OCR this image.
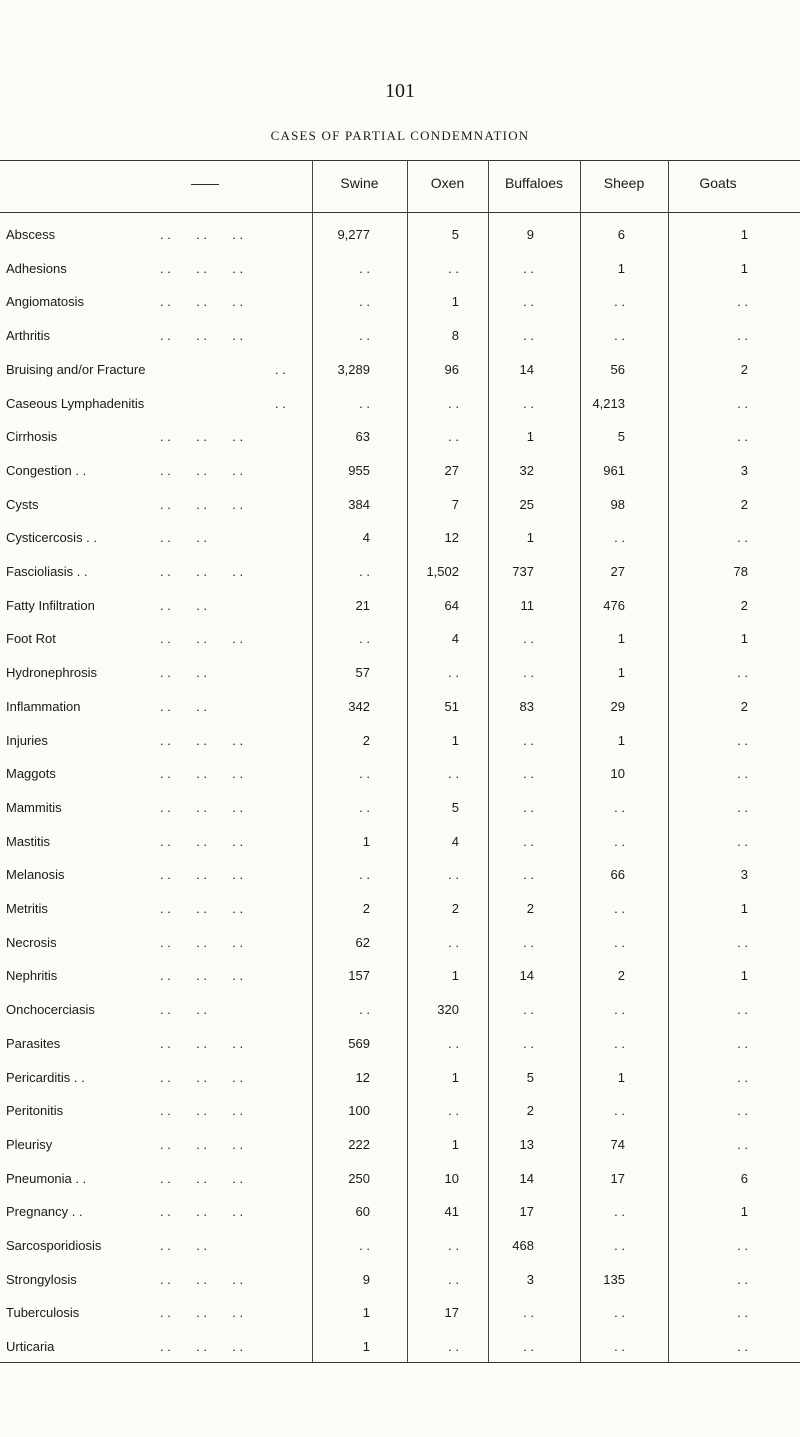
101
CASES OF PARTIAL CONDEMNATION
——	Swine	Oxen	Buffaloes	Sheep	Goats
Abscess	. .       . .       . .	9,277	5	9	6	1
Adhesions	. .       . .       . .	. .	. .	. .	1	1
Angiomatosis	. .       . .       . .	. .	1	. .	. .	. .
Arthritis	. .       . .       . .	. .	8	. .	. .	. .
Bruising and/or Fracture	. .	3,289	96	14	56	2
Caseous Lymphadenitis	. .	. .	. .	. .	4,213	. .
Cirrhosis	. .       . .       . .	63	. .	1	5	. .
Congestion . .	. .       . .       . .	955	27	32	961	3
Cysts	. .       . .       . .	384	7	25	98	2
Cysticercosis . .	. .       . .	4	12	1	. .	. .
Fascioliasis . .	. .       . .       . .	. .	1,502	737	27	78
Fatty Infiltration	. .       . .	21	64	11	476	2
Foot Rot	. .       . .       . .	. .	4	. .	1	1
Hydronephrosis	. .       . .	57	. .	. .	1	. .
Inflammation	. .       . .	342	51	83	29	2
Injuries	. .       . .       . .	2	1	. .	1	. .
Maggots	. .       . .       . .	. .	. .	. .	10	. .
Mammitis	. .       . .       . .	. .	5	. .	. .	. .
Mastitis	. .       . .       . .	1	4	. .	. .	. .
Melanosis	. .       . .       . .	. .	. .	. .	66	3
Metritis	. .       . .       . .	2	2	2	. .	1
Necrosis	. .       . .       . .	62	. .	. .	. .	. .
Nephritis	. .       . .       . .	157	1	14	2	1
Onchocerciasis	. .       . .	. .	320	. .	. .	. .
Parasites	. .       . .       . .	569	. .	. .	. .	. .
Pericarditis . .	. .       . .       . .	12	1	5	1	. .
Peritonitis	. .       . .       . .	100	. .	2	. .	. .
Pleurisy	. .       . .       . .	222	1	13	74	. .
Pneumonia . .	. .       . .       . .	250	10	14	17	6
Pregnancy . .	. .       . .       . .	60	41	17	. .	1
Sarcosporidiosis	. .       . .	. .	. .	468	. .	. .
Strongylosis	. .       . .       . .	9	. .	3	135	. .
Tuberculosis	. .       . .       . .	1	17	. .	. .	. .
Urticaria	. .       . .       . .	1	. .	. .	. .	. .
